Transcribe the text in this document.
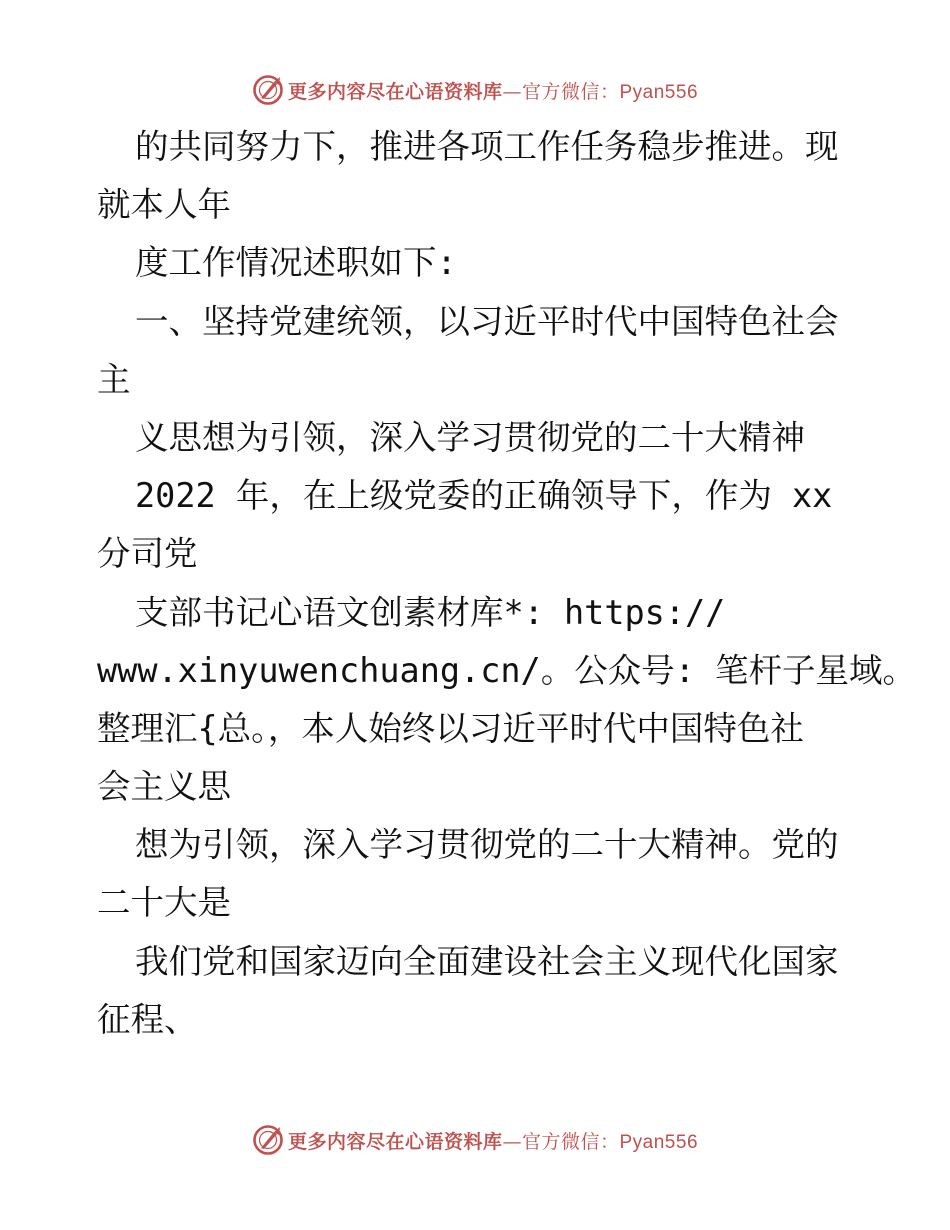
更多内容尽在心语资料库—官方微信：Pyan556
的共同努力下，推进各项工作任务稳步推进。现
就本人年
度工作情况述职如下:
一、坚持党建统领，以习近平时代中国特色社会
主
义思想为引领，深入学习贯彻党的二十大精神
2022 年，在上级党委的正确领导下，作为 xx
分司党
支部书记心语文创素材库*: https://
www.xinyuwenchuang.cn/。公众号: 笔杆子星域。
整理汇{总。，本人始终以习近平时代中国特色社
会主义思
想为引领，深入学习贯彻党的二十大精神。党的
二十大是
我们党和国家迈向全面建设社会主义现代化国家
征程、
更多内容尽在心语资料库—官方微信：Pyan556
